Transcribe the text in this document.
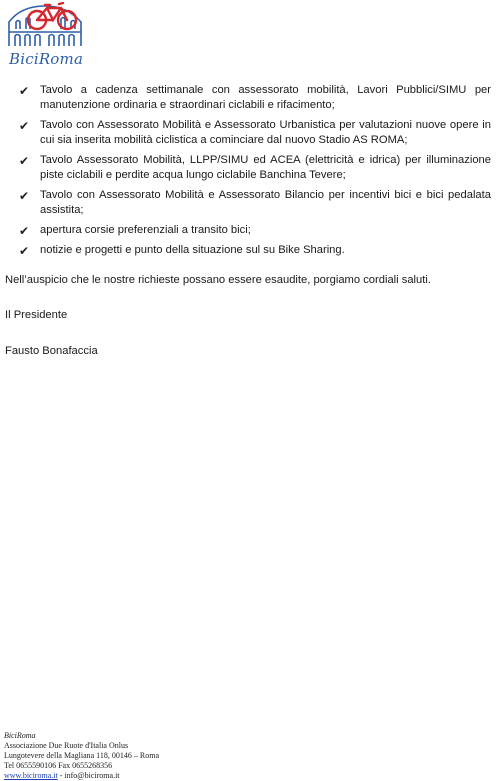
BiciRoma
✔ Tavolo a cadenza settimanale con assessorato mobilità, Lavori Pubblici/SIMU per manutenzione ordinaria e straordinari ciclabili e rifacimento;
✔ Tavolo con Assessorato Mobilità e Assessorato Urbanistica per valutazioni nuove opere in cui sia inserita mobilità ciclistica a cominciare dal nuovo Stadio AS ROMA;
✔ Tavolo Assessorato Mobilità, LLPP/SIMU ed ACEA (elettricità e idrica) per illuminazione piste ciclabili e perdite acqua lungo ciclabile Banchina Tevere;
✔ Tavolo con Assessorato Mobilità e Assessorato Bilancio per incentivi bici e bici pedalata assistita;
✔ apertura corsie preferenziali a transito bici;
✔ notizie e progetti e punto della situazione sul su Bike Sharing.

Nell’auspicio che le nostre richieste possano essere esaudite, porgiamo cordiali saluti.

Il Presidente

Fausto Bonafaccia

BiciRoma
Associazione Due Ruote d'Italia Onlus
Lungotevere della Magliana 118, 00146 – Roma
Tel 0655590106 Fax 0655268356
www.biciroma.it - info@biciroma.it
